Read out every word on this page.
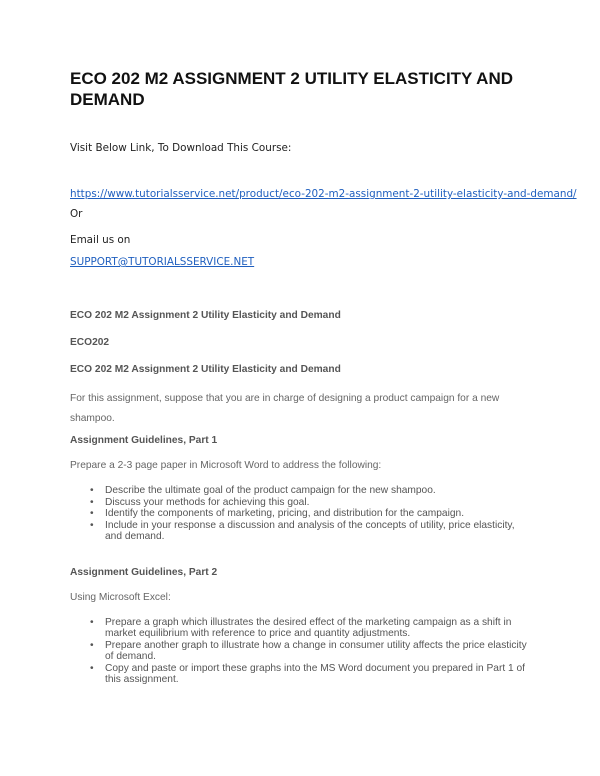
ECO 202 M2 ASSIGNMENT 2 UTILITY ELASTICITY AND DEMAND
Visit Below Link, To Download This Course:
https://www.tutorialsservice.net/product/eco-202-m2-assignment-2-utility-elasticity-and-demand/
Or
Email us on
SUPPORT@TUTORIALSSERVICE.NET
ECO 202 M2 Assignment 2 Utility Elasticity and Demand
ECO202
ECO 202 M2 Assignment 2 Utility Elasticity and Demand
For this assignment, suppose that you are in charge of designing a product campaign for a new shampoo.
Assignment Guidelines, Part 1
Prepare a 2-3 page paper in Microsoft Word to address the following:
• Describe the ultimate goal of the product campaign for the new shampoo.
• Discuss your methods for achieving this goal.
• Identify the components of marketing, pricing, and distribution for the campaign.
• Include in your response a discussion and analysis of the concepts of utility, price elasticity, and demand.
Assignment Guidelines, Part 2
Using Microsoft Excel:
• Prepare a graph which illustrates the desired effect of the marketing campaign as a shift in market equilibrium with reference to price and quantity adjustments.
• Prepare another graph to illustrate how a change in consumer utility affects the price elasticity of demand.
• Copy and paste or import these graphs into the MS Word document you prepared in Part 1 of this assignment.
